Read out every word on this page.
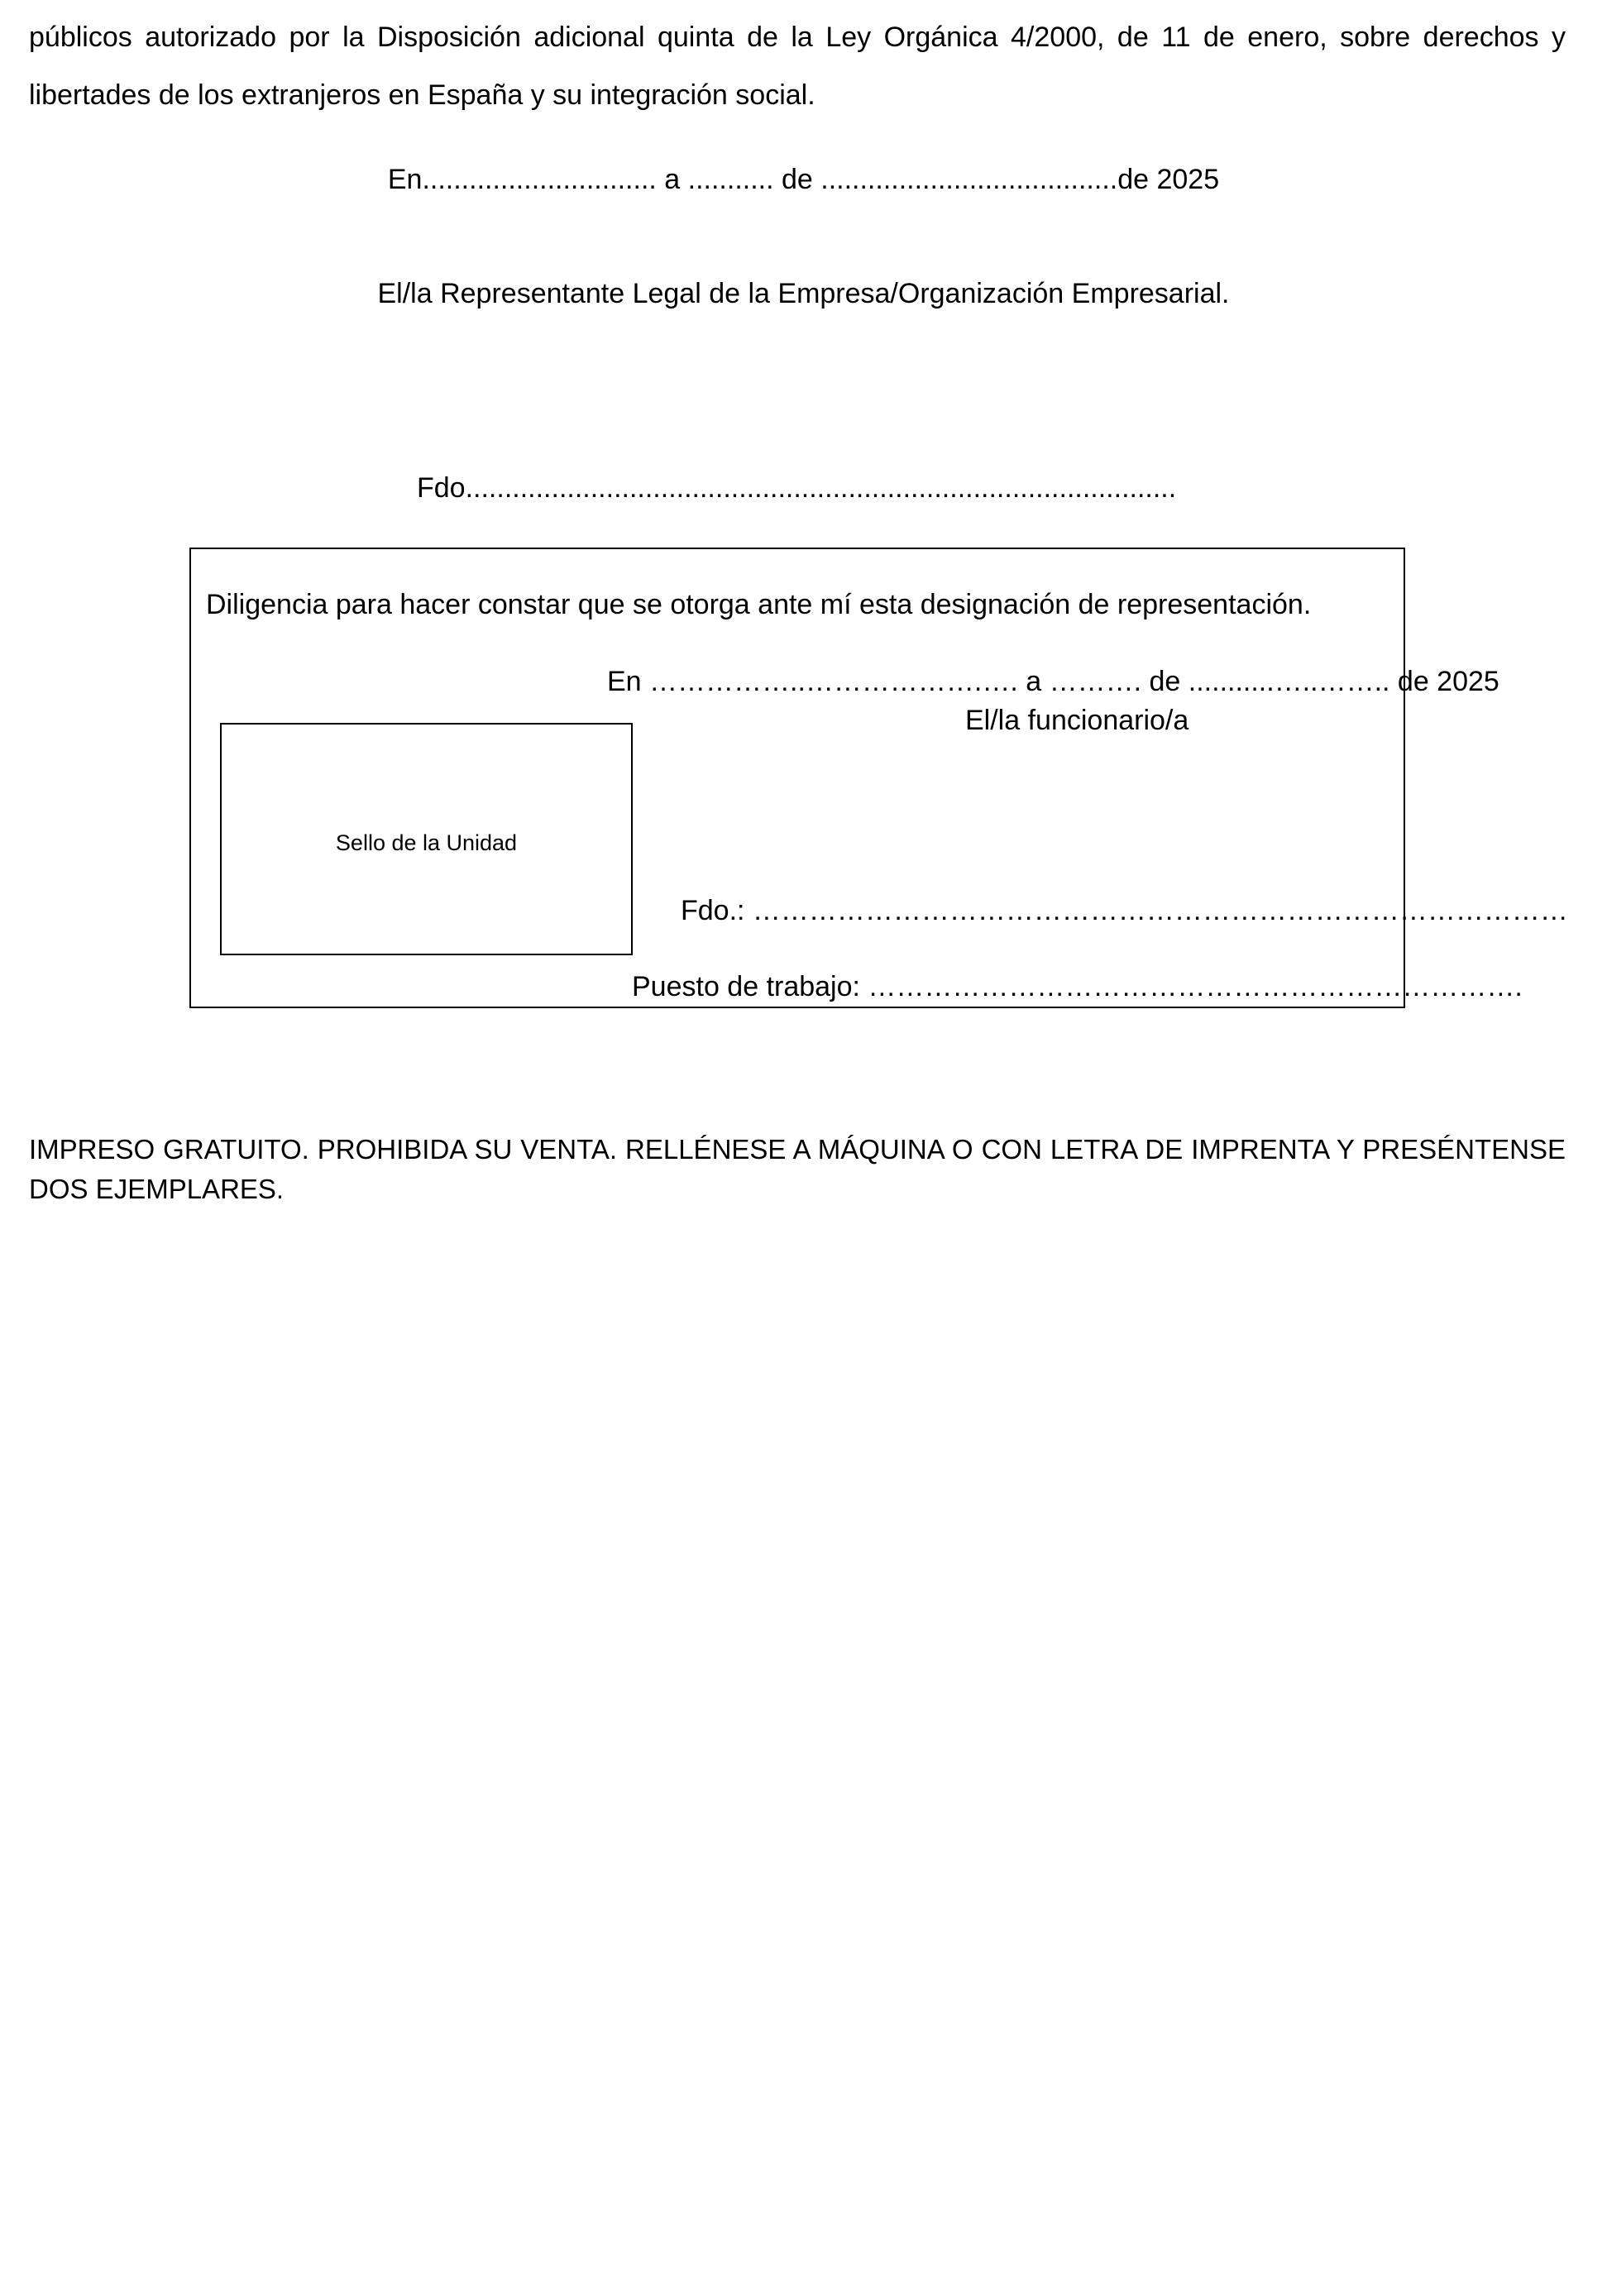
públicos autorizado por la Disposición adicional quinta de la Ley Orgánica 4/2000, de 11 de enero, sobre derechos y

libertades de los extranjeros en España y su integración social.

En.............................. a ........... de ......................................de 2025
El/la Representante Legal de la Empresa/Organización Empresarial.
Fdo...........................................................................................
Diligencia para hacer constar que se otorga ante mí esta designación de representación.
En ……………..……………….…. a ………. de ...........…..…….. de 2025
El/la funcionario/a
Sello de la Unidad
Fdo.: ……………………………………………………………………………
Puesto de trabajo: …………………………………………………………….
IMPRESO GRATUITO. PROHIBIDA SU VENTA. RELLÉNESE A MÁQUINA O CON LETRA DE IMPRENTA Y PRESÉNTENSE DOS EJEMPLARES.
